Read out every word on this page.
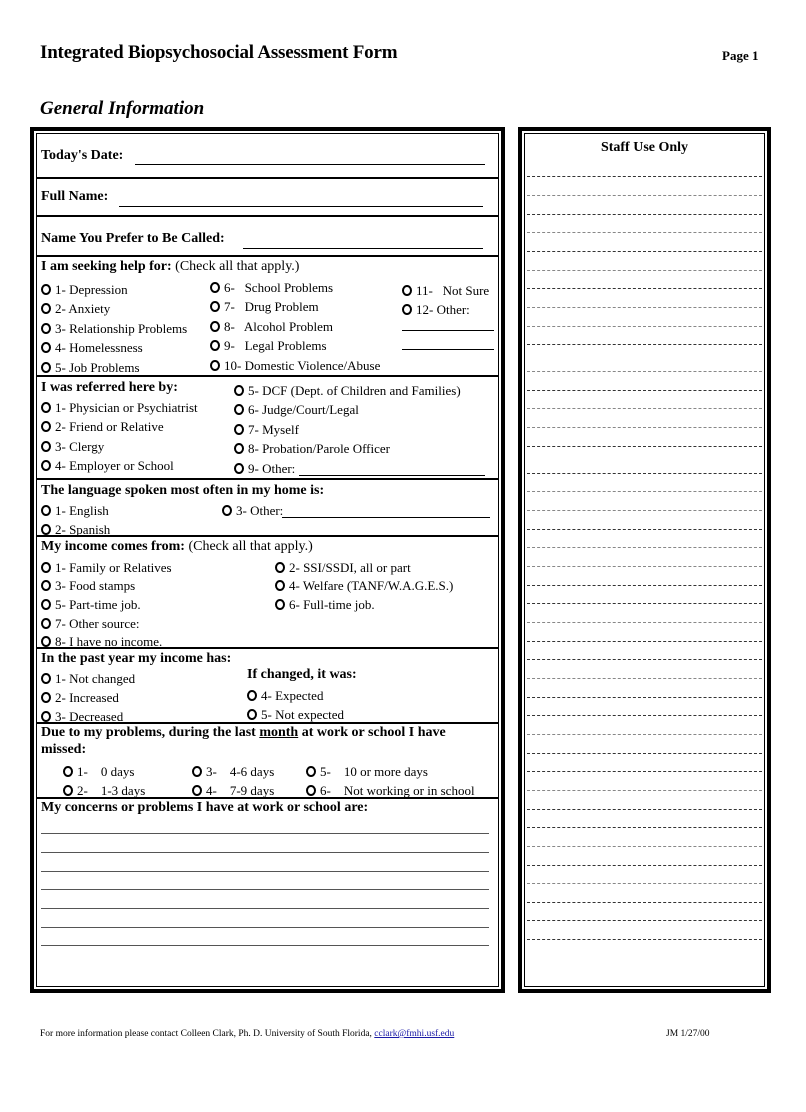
Integrated Biopsychosocial Assessment Form	Page 1
General Information
Today's Date:
Full Name:
Name You Prefer to Be Called:
I am seeking help for: (Check all that apply.)
1- Depression
2- Anxiety
3- Relationship Problems
4- Homelessness
5- Job Problems
6-   School Problems
7-   Drug Problem
8-   Alcohol Problem
9-   Legal Problems
10- Domestic Violence/Abuse
11-   Not Sure
12- Other:
I was referred here by:
1- Physician or Psychiatrist
2- Friend or Relative
3- Clergy
4- Employer or School
5- DCF (Dept. of Children and Families)
6- Judge/Court/Legal
7- Myself
8- Probation/Parole Officer
9- Other:
The language spoken most often in my home is:
1- English
2- Spanish
3- Other:
My income comes from: (Check all that apply.)
1- Family or Relatives	2- SSI/SSDI, all or part
3- Food stamps	4- Welfare (TANF/W.A.G.E.S.)
5- Part-time job.	6- Full-time job.
7- Other source:
8- I have no income.
In the past year my income has:
1- Not changed
2- Increased
3- Decreased
If changed, it was:
4- Expected
5- Not expected
Due to my problems, during the last month at work or school I have
missed:
1- 0 days
2- 1-3 days
3- 4-6 days
4- 7-9 days
5- 10 or more days
6- Not working or in school
My concerns or problems I have at work or school are:
Staff Use Only
For more information please contact Colleen Clark, Ph. D. University of South Florida, cclark@fmhi.usf.edu	JM 1/27/00
